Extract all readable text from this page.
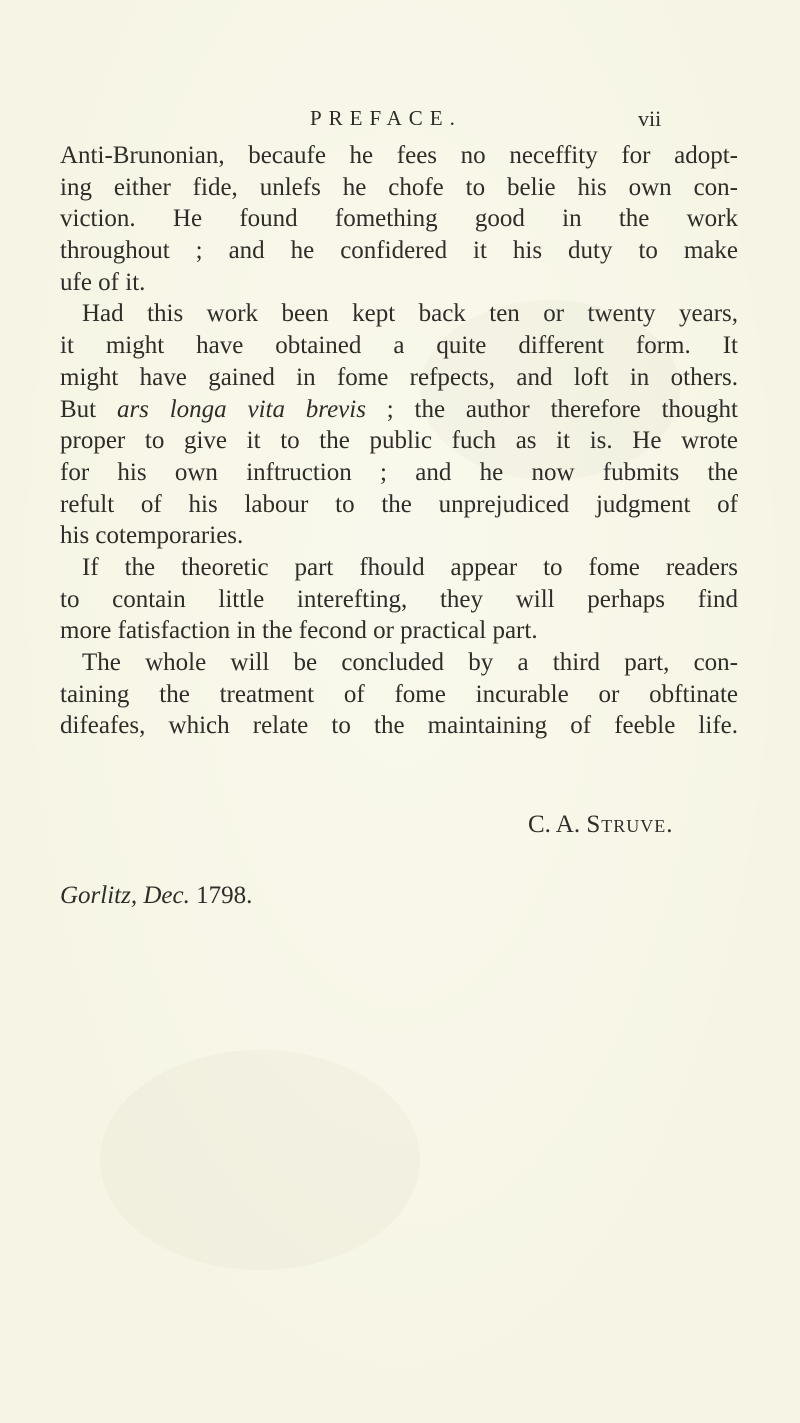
PREFACE.	vii
Anti-Brunonian, becaufe he fees no neceffity for adopt-
ing either fide, unlefs he chofe to belie his own con-
viction. He found fomething good in the work
throughout ; and he confidered it his duty to make
ufe of it.
Had this work been kept back ten or twenty years,
it might have obtained a quite different form. It
might have gained in fome refpects, and loft in others.
But ars longa vita brevis ; the author therefore thought
proper to give it to the public fuch as it is. He wrote
for his own inftruction ; and he now fubmits the
refult of his labour to the unprejudiced judgment of
his cotemporaries.
If the theoretic part fhould appear to fome readers
to contain little interefting, they will perhaps find
more fatisfaction in the fecond or practical part.
The whole will be concluded by a third part, con-
taining the treatment of fome incurable or obftinate
difeafes, which relate to the maintaining of feeble life.
C. A. Struve.
Gorlitz, Dec. 1798.
